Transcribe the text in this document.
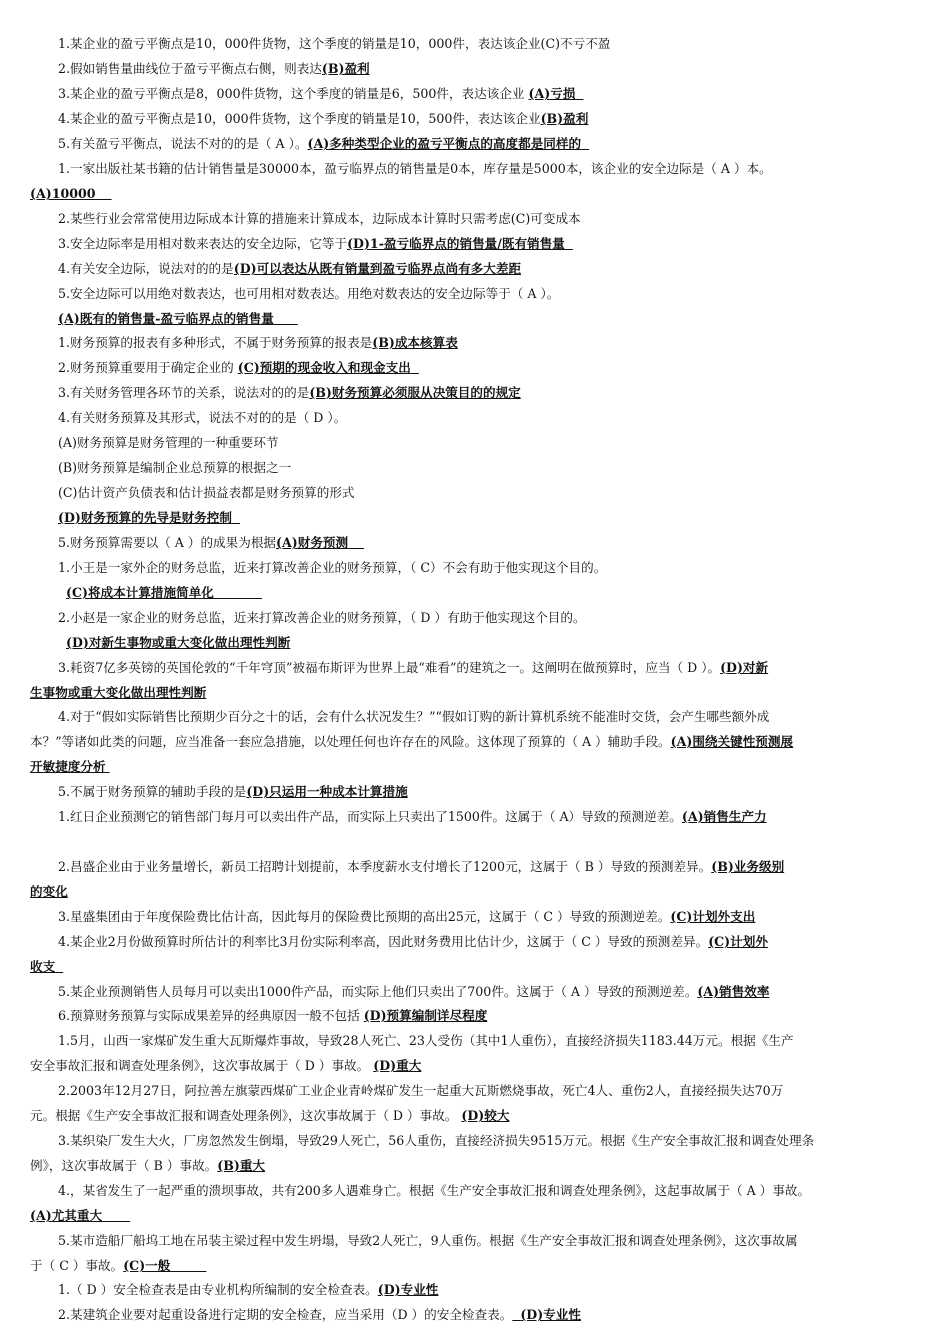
1.某企业的盈亏平衡点是10，000件货物，这个季度的销量是10，000件，表达该企业(C)不亏不盈
2.假如销售量曲线位于盈亏平衡点右侧，则表达(B)盈利
3.某企业的盈亏平衡点是8，000件货物，这个季度的销量是6，500件，表达该企业 (A)亏损
4.某企业的盈亏平衡点是10，000件货物，这个季度的销量是10，500件，表达该企业(B)盈利
5.有关盈亏平衡点，说法不对的的是（ A ）。(A)多种类型企业的盈亏平衡点的高度都是同样的
1.一家出版社某书籍的估计销售量是30000本，盈亏临界点的销售量是0本，库存量是5000本，该企业的安全边际是（ A ）本。
(A)10000
2.某些行业会常常使用边际成本计算的措施来计算成本，边际成本计算时只需考虑(C)可变成本
3.安全边际率是用相对数来表达的安全边际，它等于(D)1-盈亏临界点的销售量/既有销售量
4.有关安全边际，说法对的的是(D)可以表达从既有销量到盈亏临界点尚有多大差距
5.安全边际可以用绝对数表达，也可用相对数表达。用绝对数表达的安全边际等于（ A ）。
(A)既有的销售量-盈亏临界点的销售量
1.财务预算的报表有多种形式，不属于财务预算的报表是(B)成本核算表
2.财务预算重要用于确定企业的 (C)预期的现金收入和现金支出
3.有关财务管理各环节的关系，说法对的的是(B)财务预算必须服从决策目的的规定
4.有关财务预算及其形式，说法不对的的是（ D ）。
(A)财务预算是财务管理的一种重要环节
(B)财务预算是编制企业总预算的根据之一
(C)估计资产负债表和估计损益表都是财务预算的形式
(D)财务预算的先导是财务控制
5.财务预算需要以（ A ）的成果为根据(A)财务预测
1.小王是一家外企的财务总监，近来打算改善企业的财务预算，（ C）不会有助于他实现这个目的。
(C)将成本计算措施简单化
2.小赵是一家企业的财务总监，近来打算改善企业的财务预算，（ D ）有助于他实现这个目的。
(D)对新生事物或重大变化做出理性判断
3.耗资7亿多英镑的英国伦敦的“千年穹顶”被福布斯评为世界上最“难看”的建筑之一。这阐明在做预算时，应当（ D ）。(D)对新
生事物或重大变化做出理性判断
4.对于“假如实际销售比预期少百分之十的话，会有什么状况发生？”“假如订购的新计算机系统不能准时交货，会产生哪些额外成
本？”等诸如此类的问题，应当准备一套应急措施，以处理任何也许存在的风险。这体现了预算的（ A ）辅助手段。(A)围绕关键性预测展
开敏捷度分析
5.不属于财务预算的辅助手段的是(D)只运用一种成本计算措施
1.红日企业预测它的销售部门每月可以卖出件产品，而实际上只卖出了1500件。这属于（ A）导致的预测逆差。(A)销售生产力
2.昌盛企业由于业务量增长，新员工招聘计划提前，本季度薪水支付增长了1200元，这属于（ B ）导致的预测差异。(B)业务级别
的变化
3.星盛集团由于年度保险费比估计高，因此每月的保险费比预期的高出25元，这属于（ C ）导致的预测逆差。(C)计划外支出
4.某企业2月份做预算时所估计的利率比3月份实际利率高，因此财务费用比估计少，这属于（ C ）导致的预测差异。(C)计划外
收支
5.某企业预测销售人员每月可以卖出1000件产品，而实际上他们只卖出了700件。这属于（ A ）导致的预测逆差。(A)销售效率
6.预算财务预算与实际成果差异的经典原因一般不包括 (D)预算编制详尽程度
1.5月，山西一家煤矿发生重大瓦斯爆炸事故，导致28人死亡、23人受伤（其中1人重伤），直接经济损失1183.44万元。根据《生产
安全事故汇报和调查处理条例》，这次事故属于（ D ）事故。 (D)重大
2.2003年12月27日，阿拉善左旗蒙西煤矿工业企业青岭煤矿发生一起重大瓦斯燃烧事故，死亡4人、重伤2人，直接经损失达70万
元。根据《生产安全事故汇报和调查处理条例》，这次事故属于（ D ）事故。 (D)较大
3.某织染厂发生大火，厂房忽然发生倒塌，导致29人死亡，56人重伤，直接经济损失9515万元。根据《生产安全事故汇报和调查处理条
例》，这次事故属于（ B ）事故。(B)重大
4.，某省发生了一起严重的溃坝事故，共有200多人遇难身亡。根据《生产安全事故汇报和调查处理条例》，这起事故属于（ A ）事故。
(A)尤其重大
5.某市造船厂船坞工地在吊装主梁过程中发生坍塌，导致2人死亡，9人重伤。根据《生产安全事故汇报和调查处理条例》，这次事故属
于（ C ）事故。(C)一般
1.（ D ）安全检查表是由专业机构所编制的安全检查表。(D)专业性
2.某建筑企业要对起重设备进行定期的安全检查，应当采用（D ）的安全检查表。 (D)专业性
